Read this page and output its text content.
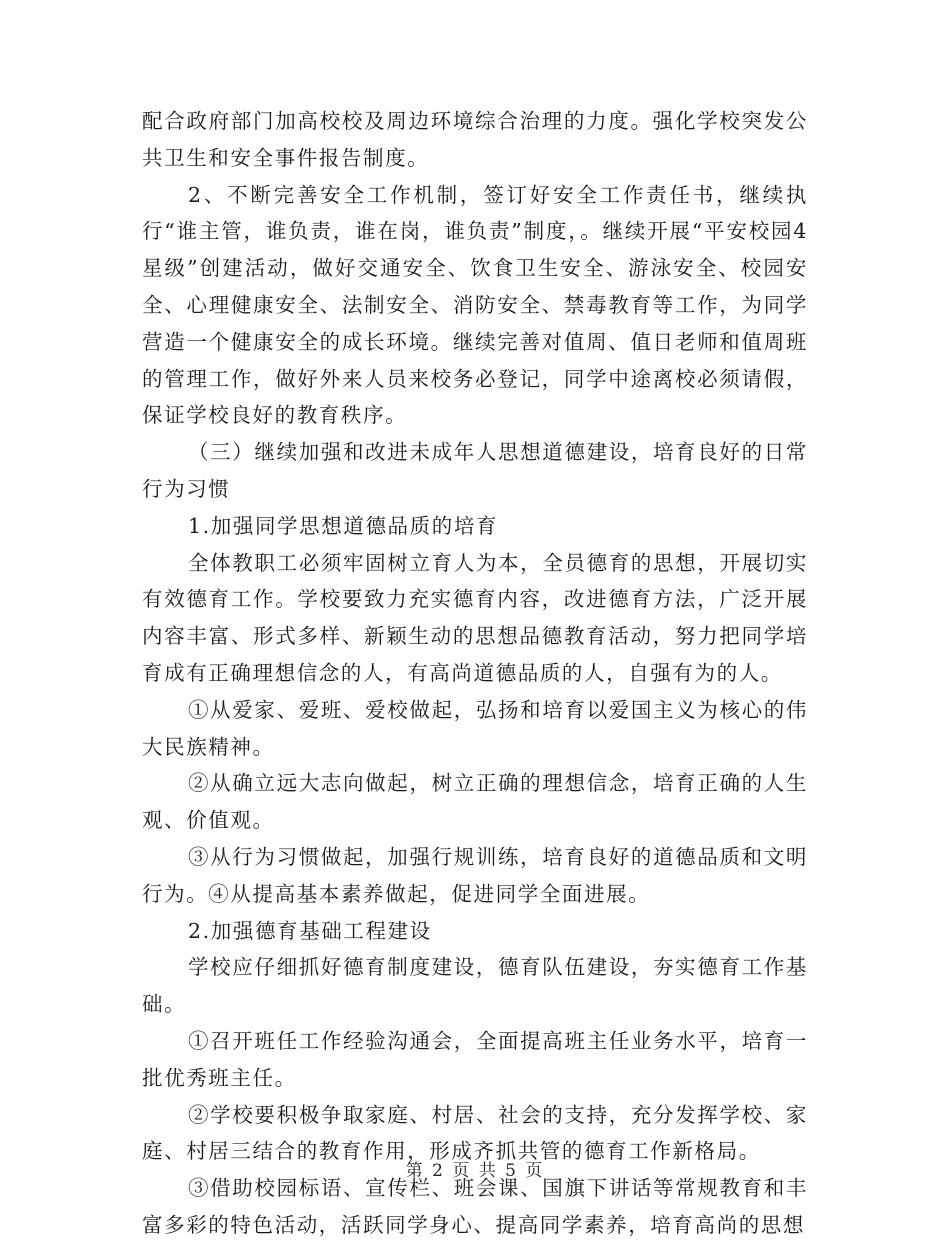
配合政府部门加高校校及周边环境综合治理的力度。强化学校突发公共卫生和安全事件报告制度。

2、不断完善安全工作机制，签订好安全工作责任书，继续执行“谁主管，谁负责，谁在岗，谁负责”制度，。继续开展“平安校园4星级”创建活动，做好交通安全、饮食卫生安全、游泳安全、校园安全、心理健康安全、法制安全、消防安全、禁毒教育等工作，为同学营造一个健康安全的成长环境。继续完善对值周、值日老师和值周班的管理工作，做好外来人员来校务必登记，同学中途离校必须请假，保证学校良好的教育秩序。

（三）继续加强和改进未成年人思想道德建设，培育良好的日常行为习惯

1.加强同学思想道德品质的培育

全体教职工必须牢固树立育人为本，全员德育的思想，开展切实有效德育工作。学校要致力充实德育内容，改进德育方法，广泛开展内容丰富、形式多样、新颖生动的思想品德教育活动，努力把同学培育成有正确理想信念的人，有高尚道德品质的人，自强有为的人。

①从爱家、爱班、爱校做起，弘扬和培育以爱国主义为核心的伟大民族精神。

②从确立远大志向做起，树立正确的理想信念，培育正确的人生观、价值观。

③从行为习惯做起，加强行规训练，培育良好的道德品质和文明行为。④从提高基本素养做起，促进同学全面进展。

2.加强德育基础工程建设

学校应仔细抓好德育制度建设，德育队伍建设，夯实德育工作基础。

①召开班任工作经验沟通会，全面提高班主任业务水平，培育一批优秀班主任。

②学校要积极争取家庭、村居、社会的支持，充分发挥学校、家庭、村居三结合的教育作用，形成齐抓共管的德育工作新格局。

③借助校园标语、宣传栏、班会课、国旗下讲话等常规教育和丰富多彩的特色活动，活跃同学身心、提高同学素养，培育高尚的思想

第 2 页 共 5 页
